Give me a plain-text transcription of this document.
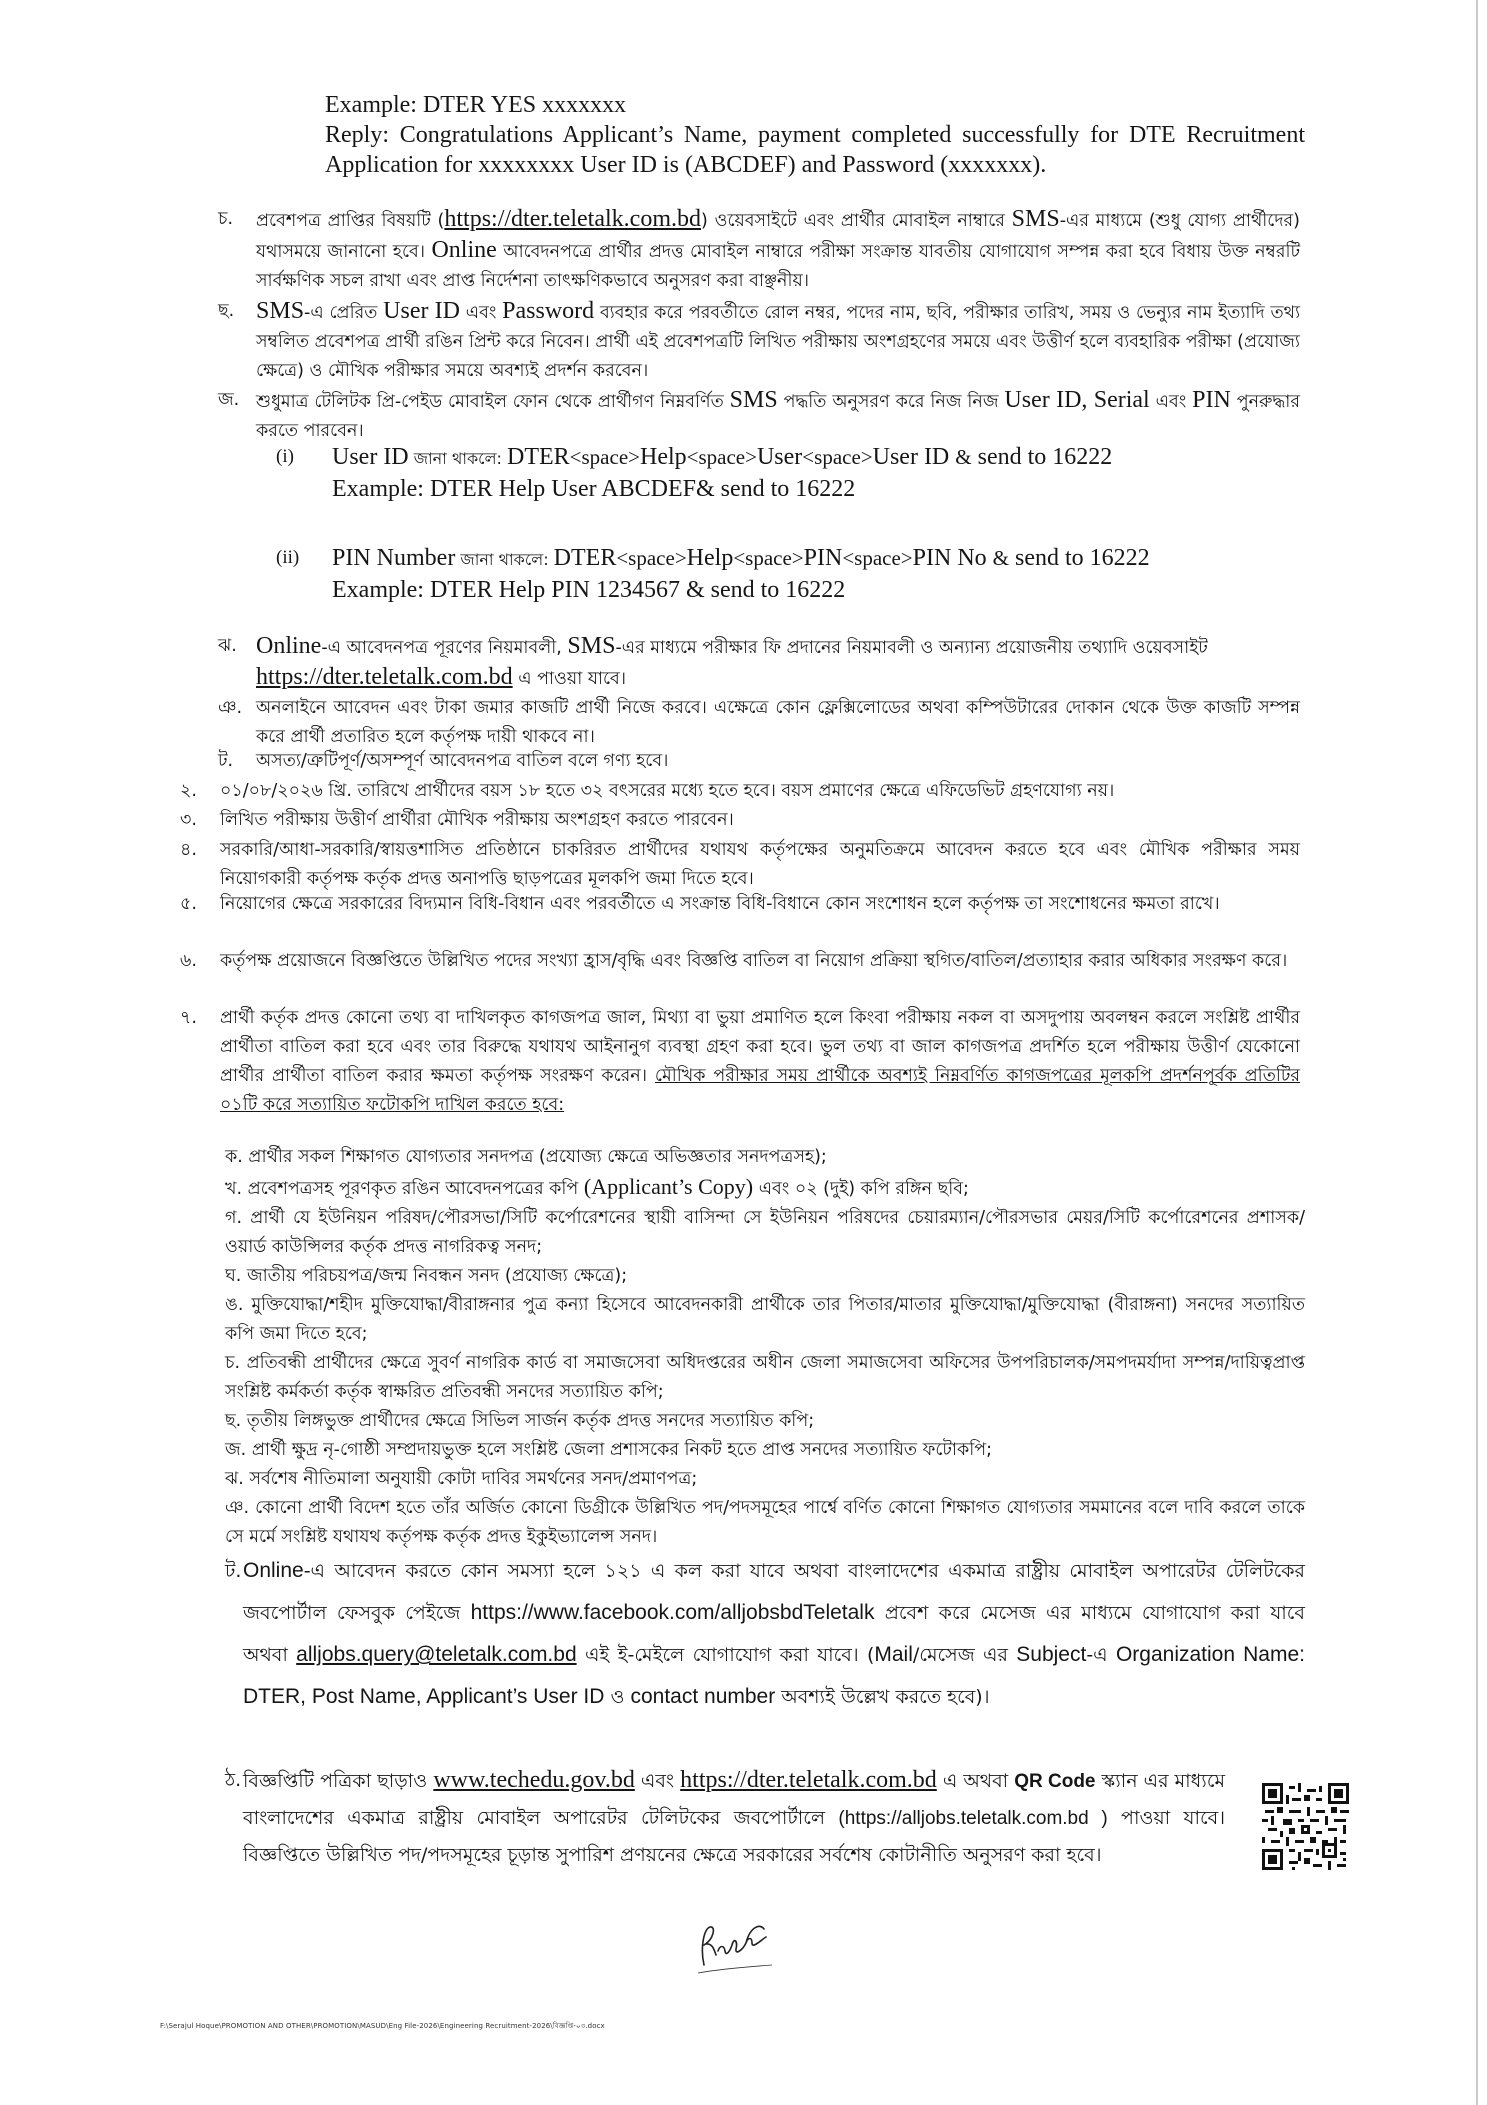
Example: DTER YES xxxxxxx
Reply: Congratulations Applicant’s Name, payment completed successfully for DTE Recruitment Application for xxxxxxxx User ID is (ABCDEF) and Password (xxxxxxx).
চ.	প্রবেশপত্র প্রাপ্তির বিষয়টি (https://dter.teletalk.com.bd) ওয়েবসাইটে এবং প্রার্থীর মোবাইল নাম্বারে SMS-এর মাধ্যমে (শুধু যোগ্য প্রার্থীদের) যথাসময়ে জানানো হবে। Online আবেদনপত্রে প্রার্থীর প্রদত্ত মোবাইল নাম্বারে পরীক্ষা সংক্রান্ত যাবতীয় যোগাযোগ সম্পন্ন করা হবে বিধায় উক্ত নম্বরটি সার্বক্ষণিক সচল রাখা এবং প্রাপ্ত নির্দেশনা তাৎক্ষণিকভাবে অনুসরণ করা বাঞ্ছনীয়।
ছ. SMS-এ প্রেরিত User ID এবং Password ব্যবহার করে পরবর্তীতে রোল নম্বর, পদের নাম, ছবি, পরীক্ষার তারিখ, সময় ও ভেন্যুর নাম ইত্যাদি তথ্য সম্বলিত প্রবেশপত্র প্রার্থী রঙিন প্রিন্ট করে নিবেন। প্রার্থী এই প্রবেশপত্রটি লিখিত পরীক্ষায় অংশগ্রহণের সময়ে এবং উত্তীর্ণ হলে ব্যবহারিক পরীক্ষা (প্রযোজ্য ক্ষেত্রে) ও মৌখিক পরীক্ষার সময়ে অবশ্যই প্রদর্শন করবেন।
জ. শুধুমাত্র টেলিটক প্রি-পেইড মোবাইল ফোন থেকে প্রার্থীগণ নিম্নবর্ণিত SMS পদ্ধতি অনুসরণ করে নিজ নিজ User ID, Serial এবং PIN পুনরুদ্ধার করতে পারবেন।
(i) User ID জানা থাকলে: DTER<space>Help<space>User<space>User ID & send to 16222
Example: DTER Help User ABCDEF& send to 16222
(ii) PIN Number জানা থাকলে: DTER<space>Help<space>PIN<space>PIN No & send to 16222
Example: DTER Help PIN 1234567 & send to 16222
ঝ. Online-এ আবেদনপত্র পূরণের নিয়মাবলী, SMS-এর মাধ্যমে পরীক্ষার ফি প্রদানের নিয়মাবলী ও অন্যান্য প্রয়োজনীয় তথ্যাদি ওয়েবসাইট
https://dter.teletalk.com.bd এ পাওয়া যাবে।
ঞ. অনলাইনে আবেদন এবং টাকা জমার কাজটি প্রার্থী নিজে করবে। এক্ষেত্রে কোন ফ্লেক্সিলোডের অথবা কম্পিউটারের দোকান থেকে উক্ত কাজটি সম্পন্ন করে প্রার্থী প্রতারিত হলে কর্তৃপক্ষ দায়ী থাকবে না।
ট.	অসত্য/ত্রুটিপূর্ণ/অসম্পূর্ণ আবেদনপত্র বাতিল বলে গণ্য হবে।
২.	০১/০৮/২০২৬ খ্রি. তারিখে প্রার্থীদের বয়স ১৮ হতে ৩২ বৎসরের মধ্যে হতে হবে। বয়স প্রমাণের ক্ষেত্রে এফিডেভিট গ্রহণযোগ্য নয়।
৩.	লিখিত পরীক্ষায় উত্তীর্ণ প্রার্থীরা মৌখিক পরীক্ষায় অংশগ্রহণ করতে পারবেন।
৪.	সরকারি/আধা-সরকারি/স্বায়ত্তশাসিত প্রতিষ্ঠানে চাকরিরত প্রার্থীদের যথাযথ কর্তৃপক্ষের অনুমতিক্রমে আবেদন করতে হবে এবং মৌখিক পরীক্ষার সময় নিয়োগকারী কর্তৃপক্ষ কর্তৃক প্রদত্ত অনাপত্তি ছাড়পত্রের মূলকপি জমা দিতে হবে।
৫.	নিয়োগের ক্ষেত্রে সরকারের বিদ্যমান বিধি-বিধান এবং পরবর্তীতে এ সংক্রান্ত বিধি-বিধানে কোন সংশোধন হলে কর্তৃপক্ষ তা সংশোধনের ক্ষমতা রাখে।
৬.	কর্তৃপক্ষ প্রয়োজনে বিজ্ঞপ্তিতে উল্লিখিত পদের সংখ্যা হ্রাস/বৃদ্ধি এবং বিজ্ঞপ্তি বাতিল বা নিয়োগ প্রক্রিয়া স্থগিত/বাতিল/প্রত্যাহার করার অধিকার সংরক্ষণ করে।
৭.	প্রার্থী কর্তৃক প্রদত্ত কোনো তথ্য বা দাখিলকৃত কাগজপত্র জাল, মিথ্যা বা ভুয়া প্রমাণিত হলে কিংবা পরীক্ষায় নকল বা অসদুপায় অবলম্বন করলে সংশ্লিষ্ট প্রার্থীর প্রার্থীতা বাতিল করা হবে এবং তার বিরুদ্ধে যথাযথ আইনানুগ ব্যবস্থা গ্রহণ করা হবে। ভুল তথ্য বা জাল কাগজপত্র প্রদর্শিত হলে পরীক্ষায় উত্তীর্ণ যেকোনো প্রার্থীর প্রার্থীতা বাতিল করার ক্ষমতা কর্তৃপক্ষ সংরক্ষণ করেন। মৌখিক পরীক্ষার সময় প্রার্থীকে অবশ্যই নিম্নবর্ণিত কাগজপত্রের মূলকপি প্রদর্শনপূর্বক প্রতিটির ০১টি করে সত্যায়িত ফটোকপি দাখিল করতে হবে:
ক. প্রার্থীর সকল শিক্ষাগত যোগ্যতার সনদপত্র (প্রযোজ্য ক্ষেত্রে অভিজ্ঞতার সনদপত্রসহ);
খ. প্রবেশপত্রসহ পূরণকৃত রঙিন আবেদনপত্রের কপি (Applicant’s Copy) এবং ০২ (দুই) কপি রঙ্গিন ছবি;
গ. প্রার্থী যে ইউনিয়ন পরিষদ/পৌরসভা/সিটি কর্পোরেশনের স্থায়ী বাসিন্দা সে ইউনিয়ন পরিষদের চেয়ারম্যান/পৌরসভার মেয়র/সিটি কর্পোরেশনের প্রশাসক/ওয়ার্ড কাউন্সিলর কর্তৃক প্রদত্ত নাগরিকত্ব সনদ;
ঘ. জাতীয় পরিচয়পত্র/জন্ম নিবন্ধন সনদ (প্রযোজ্য ক্ষেত্রে);
ঙ. মুক্তিযোদ্ধা/শহীদ মুক্তিযোদ্ধা/বীরাঙ্গনার পুত্র কন্যা হিসেবে আবেদনকারী প্রার্থীকে তার পিতার/মাতার মুক্তিযোদ্ধা/মুক্তিযোদ্ধা (বীরাঙ্গনা) সনদের সত্যায়িত কপি জমা দিতে হবে;
চ. প্রতিবন্ধী প্রার্থীদের ক্ষেত্রে সুবর্ণ নাগরিক কার্ড বা সমাজসেবা অধিদপ্তরের অধীন জেলা সমাজসেবা অফিসের উপপরিচালক/সমপদমর্যাদা সম্পন্ন/দায়িত্বপ্রাপ্ত সংশ্লিষ্ট কর্মকর্তা কর্তৃক স্বাক্ষরিত প্রতিবন্ধী সনদের সত্যায়িত কপি;
ছ. তৃতীয় লিঙ্গভুক্ত প্রার্থীদের ক্ষেত্রে সিভিল সার্জন কর্তৃক প্রদত্ত সনদের সত্যায়িত কপি;
জ. প্রার্থী ক্ষুদ্র নৃ-গোষ্ঠী সম্প্রদায়ভুক্ত হলে সংশ্লিষ্ট জেলা প্রশাসকের নিকট হতে প্রাপ্ত সনদের সত্যায়িত ফটোকপি;
ঝ. সর্বশেষ নীতিমালা অনুযায়ী কোটা দাবির সমর্থনের সনদ/প্রমাণপত্র;
ঞ. কোনো প্রার্থী বিদেশ হতে তাঁর অর্জিত কোনো ডিগ্রীকে উল্লিখিত পদ/পদসমূহের পার্শ্বে বর্ণিত কোনো শিক্ষাগত যোগ্যতার সমমানের বলে দাবি করলে তাকে সে মর্মে সংশ্লিষ্ট যথাযথ কর্তৃপক্ষ কর্তৃক প্রদত্ত ইকুইভ্যালেন্স সনদ।
ট. Online-এ আবেদন করতে কোন সমস্যা হলে ১২১ এ কল করা যাবে অথবা বাংলাদেশের একমাত্র রাষ্ট্রীয় মোবাইল অপারেটর টেলিটকের জবপোর্টাল ফেসবুক পেইজে https://www.facebook.com/alljobsbdTeletalk প্রবেশ করে মেসেজ এর মাধ্যমে যোগাযোগ করা যাবে অথবা alljobs.query@teletalk.com.bd এই ই-মেইলে যোগাযোগ করা যাবে। (Mail/মেসেজ এর Subject-এ Organization Name: DTER, Post Name, Applicant’s User ID ও contact number অবশ্যই উল্লেখ করতে হবে)।
ঠ. বিজ্ঞপ্তিটি পত্রিকা ছাড়াও www.techedu.gov.bd এবং https://dter.teletalk.com.bd এ অথবা QR Code স্ক্যান এর মাধ্যমে বাংলাদেশের একমাত্র রাষ্ট্রীয় মোবাইল অপারেটর টেলিটকের জবপোর্টালে (https://alljobs.teletalk.com.bd ) পাওয়া যাবে। বিজ্ঞপ্তিতে উল্লিখিত পদ/পদসমূহের চূড়ান্ত সুপারিশ প্রণয়নের ক্ষেত্রে সরকারের সর্বশেষ কোটানীতি অনুসরণ করা হবে।
F:\Serajul Hoque\PROMOTION AND OTHER\PROMOTION\MASUD\Eng File-2026\Engineering Recruitment-2026\বিজ্ঞপ্তি-০৩.docx
